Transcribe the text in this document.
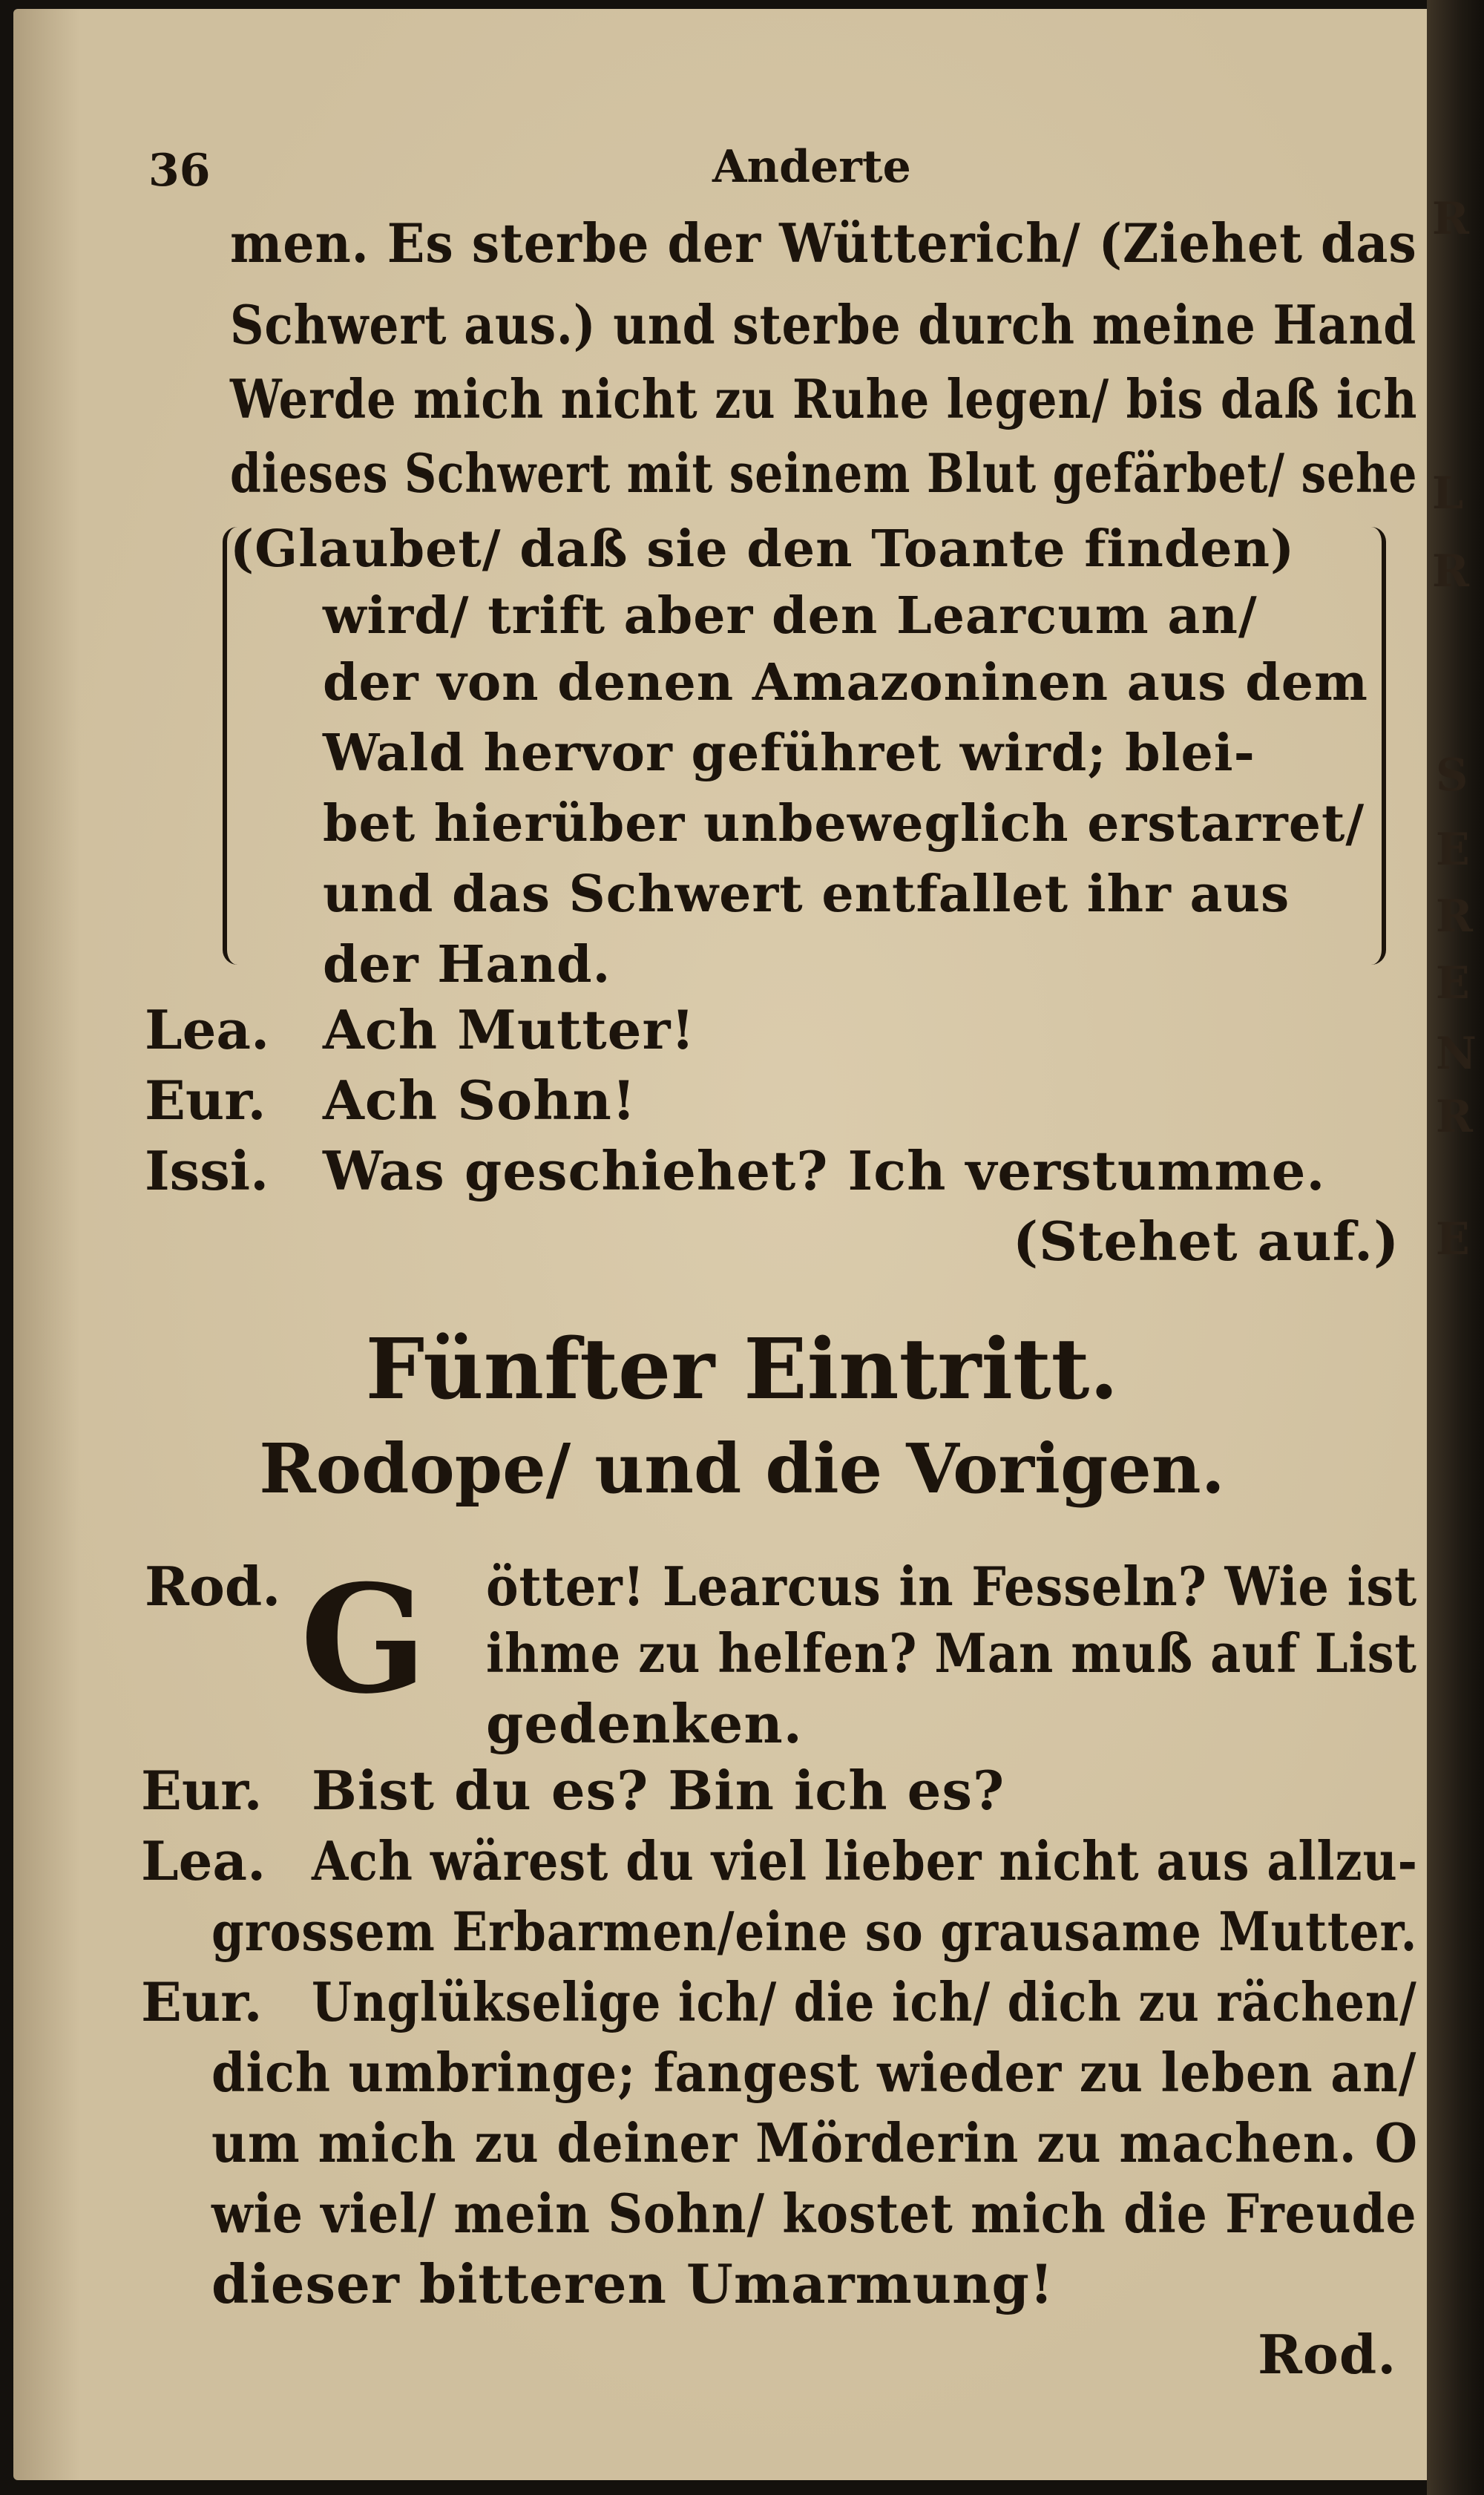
R
L
R
S
E
R
E
N
R
E
36	Anderte
men. Es sterbe der Wütterich/ (Ziehet das
Schwert aus.) und sterbe durch meine Hand
Werde mich nicht zu Ruhe legen/ bis daß ich
dieses Schwert mit seinem Blut gefärbet/ sehe
(Glaubet/ daß sie den Toante finden)
wird/ trift aber den Learcum an/
der von denen Amazoninen aus dem
Wald hervor geführet wird; blei-
bet hierüber unbeweglich erstarret/
und das Schwert entfallet ihr aus
der Hand.
Lea. Ach Mutter!
Eur. Ach Sohn!
Issi. Was geschiehet? Ich verstumme.
(Stehet auf.)
Fünfter Eintritt.
Rodope/ und die Vorigen.
Rod. G	ötter! Learcus in Fesseln? Wie ist
ihme zu helfen? Man muß auf List
gedenken.
Eur. Bist du es? Bin ich es?
Lea. Ach wärest du viel lieber nicht aus allzu-
grossem Erbarmen/eine so grausame Mutter.
Eur. Unglükselige ich/ die ich/ dich zu rächen/
dich umbringe; fangest wieder zu leben an/
um mich zu deiner Mörderin zu machen. O
wie viel/ mein Sohn/ kostet mich die Freude
dieser bitteren Umarmung!
Rod.
